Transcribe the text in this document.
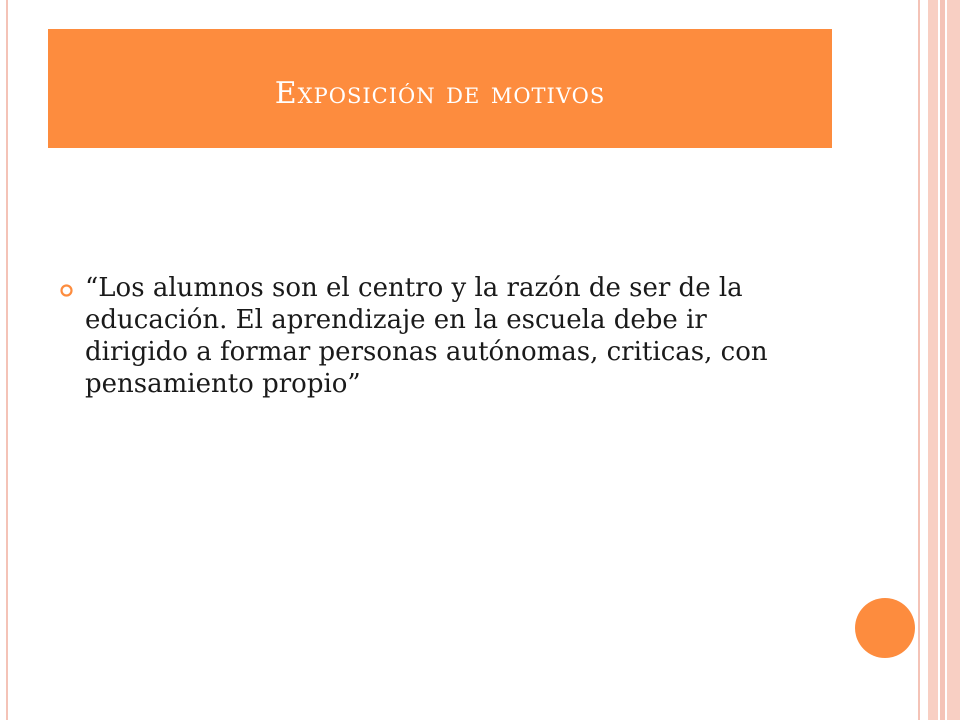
Exposición de motivos
“Los alumnos son el centro y la razón de ser de la educación. El aprendizaje en la escuela debe ir dirigido a formar personas autónomas, criticas, con pensamiento propio”
